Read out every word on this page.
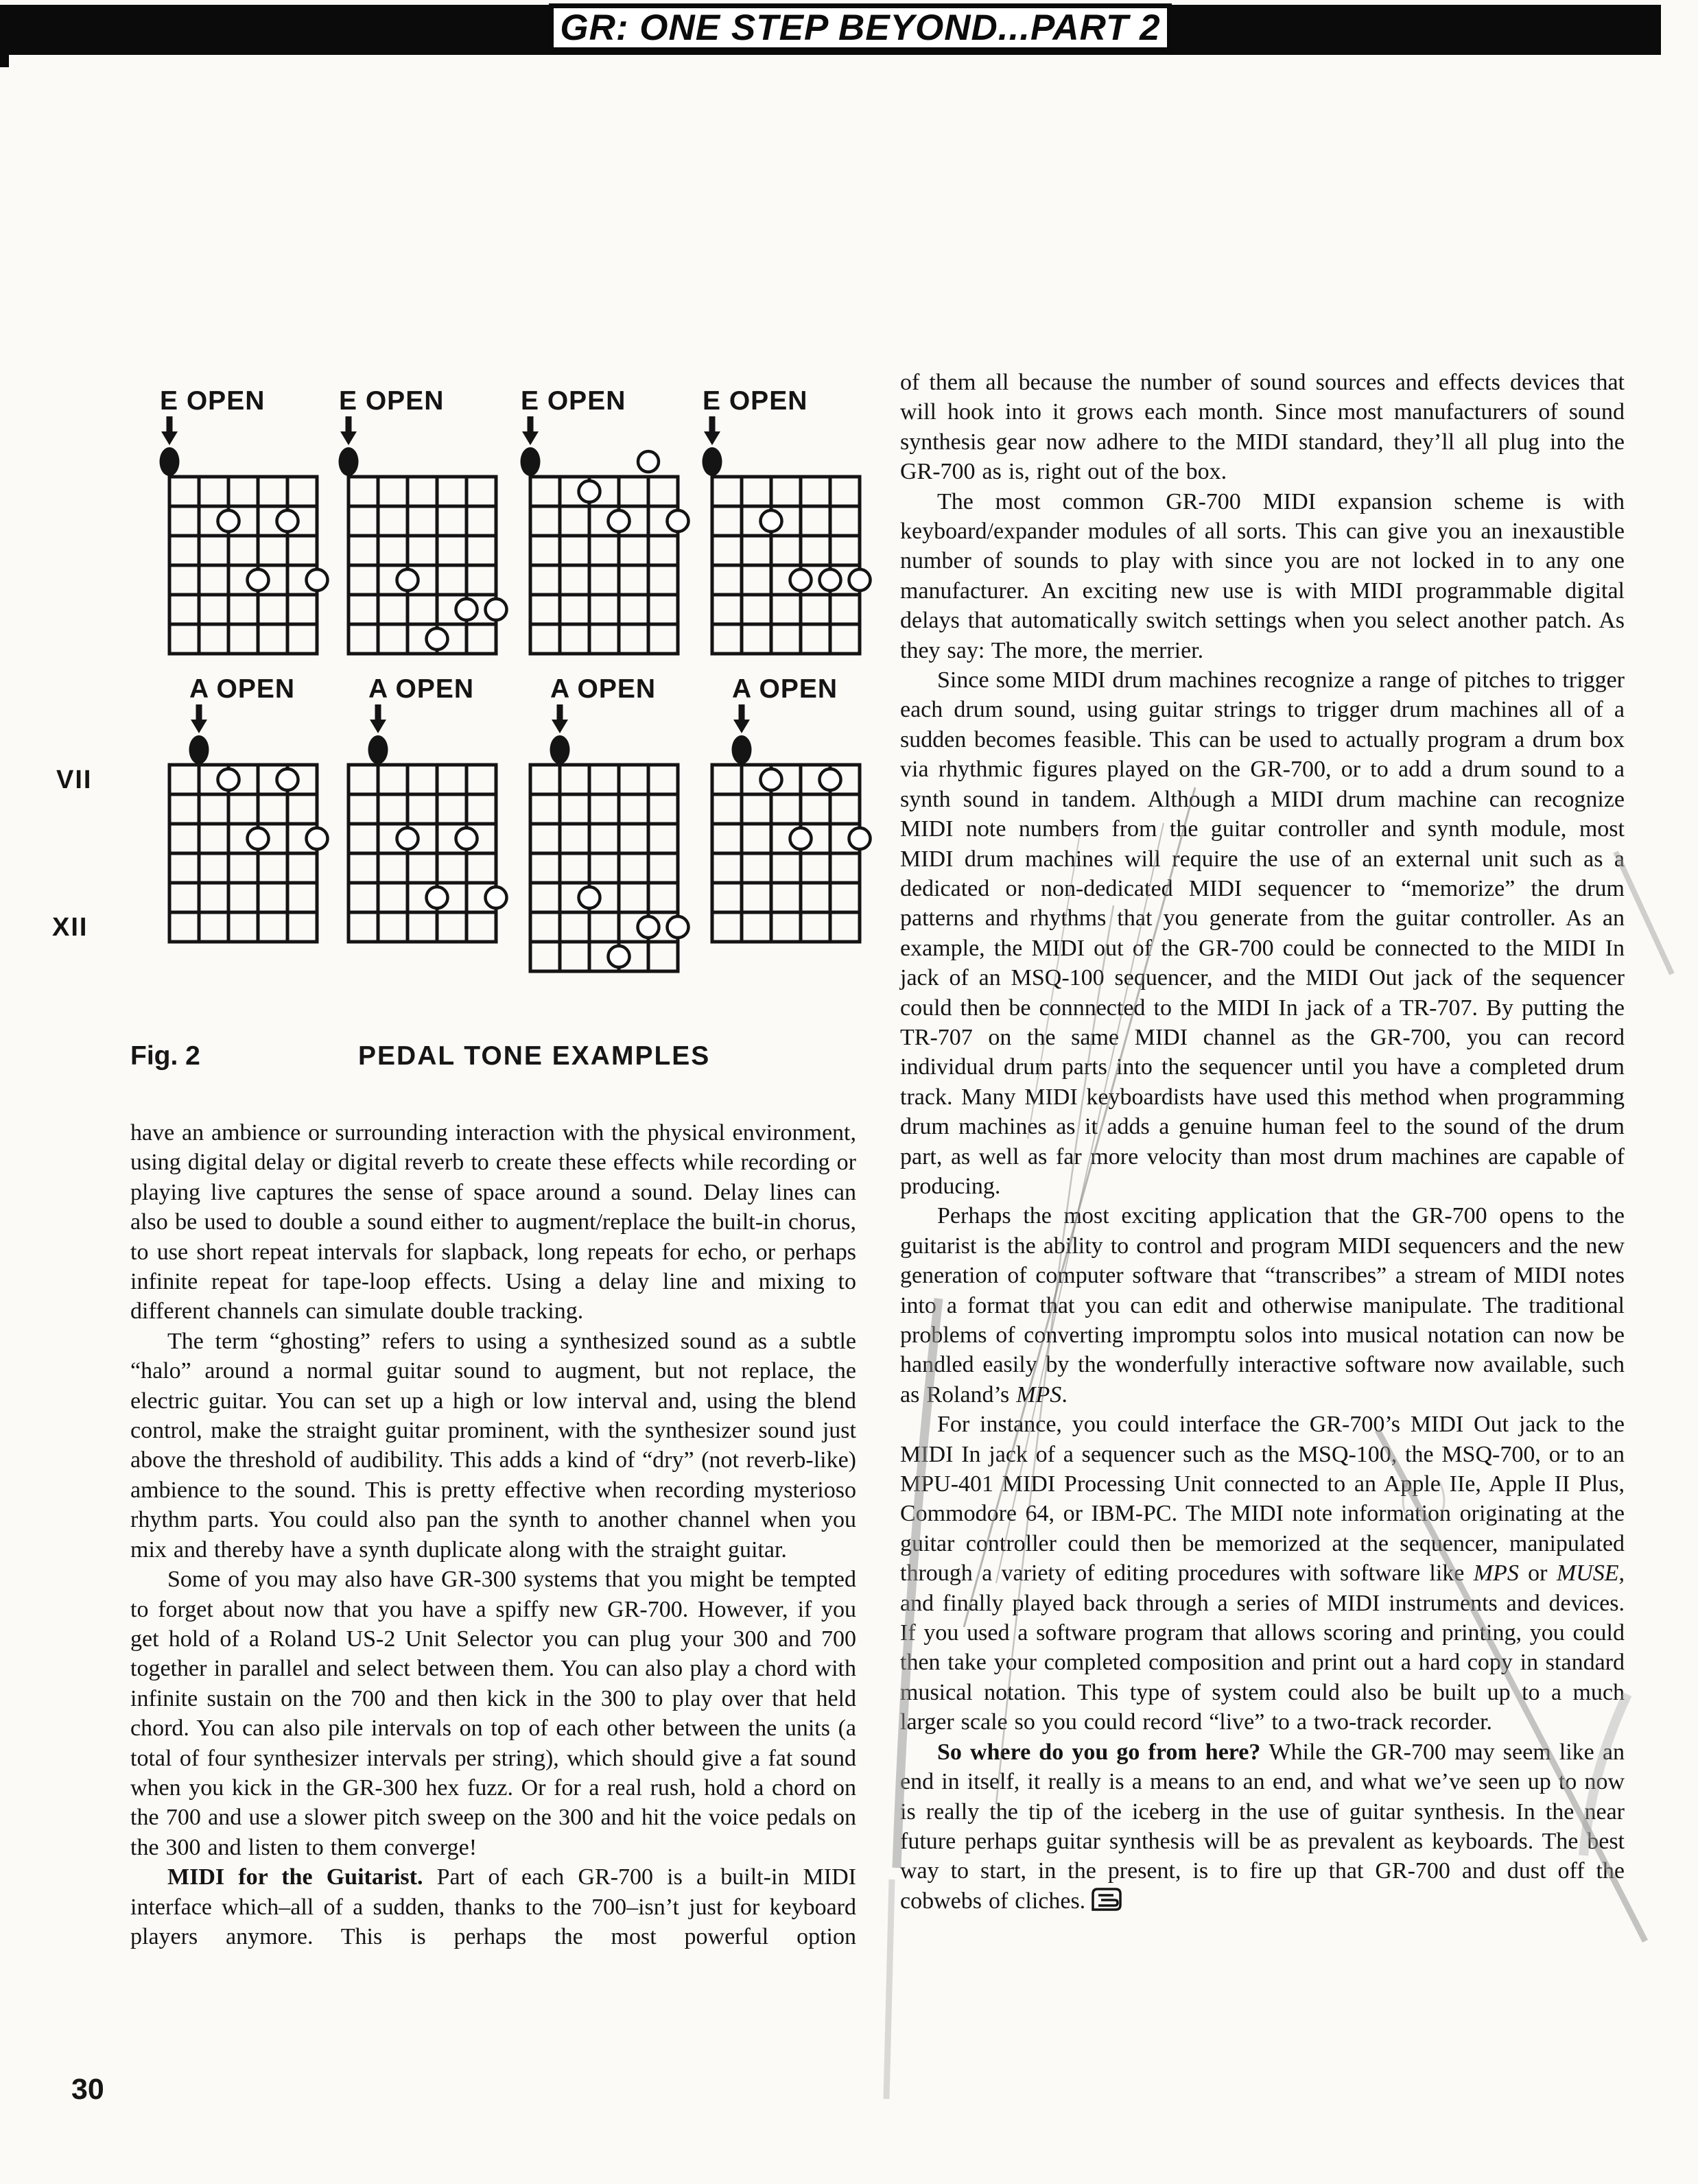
GR: ONE STEP BEYOND...PART 2
E OPEN	E OPEN	E OPEN	E OPEN
A OPEN	A OPEN	A OPEN	A OPEN
VII
XII
Fig. 2	PEDAL TONE EXAMPLES

have an ambience or surrounding interaction with the physical environment, using digital delay or digital reverb to create these effects while recording or playing live captures the sense of space around a sound. Delay lines can also be used to double a sound either to augment/replace the built-in chorus, to use short repeat intervals for slapback, long repeats for echo, or perhaps infinite repeat for tape-loop effects. Using a delay line and mixing to different channels can simulate double tracking.

The term “ghosting” refers to using a synthesized sound as a subtle “halo” around a normal guitar sound to augment, but not replace, the electric guitar. You can set up a high or low interval and, using the blend control, make the straight guitar prominent, with the synthesizer sound just above the threshold of audibility. This adds a kind of “dry” (not reverb-like) ambience to the sound. This is pretty effective when recording mysterioso rhythm parts. You could also pan the synth to another channel when you mix and thereby have a synth duplicate along with the straight guitar.

Some of you may also have GR-300 systems that you might be tempted to forget about now that you have a spiffy new GR-700. However, if you get hold of a Roland US-2 Unit Selector you can plug your 300 and 700 together in parallel and select between them. You can also play a chord with infinite sustain on the 700 and then kick in the 300 to play over that held chord. You can also pile intervals on top of each other between the units (a total of four synthesizer intervals per string), which should give a fat sound when you kick in the GR-300 hex fuzz. Or for a real rush, hold a chord on the 700 and use a slower pitch sweep on the 300 and hit the voice pedals on the 300 and listen to them converge!

MIDI for the Guitarist. Part of each GR-700 is a built-in MIDI interface which–all of a sudden, thanks to the 700–isn’t just for keyboard players anymore. This is perhaps the most powerful option

of them all because the number of sound sources and effects devices that will hook into it grows each month. Since most manufacturers of sound synthesis gear now adhere to the MIDI standard, they’ll all plug into the GR-700 as is, right out of the box.

The most common GR-700 MIDI expansion scheme is with keyboard/expander modules of all sorts. This can give you an inexaustible number of sounds to play with since you are not locked in to any one manufacturer. An exciting new use is with MIDI programmable digital delays that automatically switch settings when you select another patch. As they say: The more, the merrier.

Since some MIDI drum machines recognize a range of pitches to trigger each drum sound, using guitar strings to trigger drum machines all of a sudden becomes feasible. This can be used to actually program a drum box via rhythmic figures played on the GR-700, or to add a drum sound to a synth sound in tandem. Although a MIDI drum machine can recognize MIDI note numbers from the guitar controller and synth module, most MIDI drum machines will require the use of an external unit such as a dedicated or non-dedicated MIDI sequencer to “memorize” the drum patterns and rhythms that you generate from the guitar controller. As an example, the MIDI out of the GR-700 could be connected to the MIDI In jack of an MSQ-100 sequencer, and the MIDI Out jack of the sequencer could then be connnected to the MIDI In jack of a TR-707. By putting the TR-707 on the same MIDI channel as the GR-700, you can record individual drum parts into the sequencer until you have a completed drum track. Many MIDI keyboardists have used this method when programming drum machines as it adds a genuine human feel to the sound of the drum part, as well as far more velocity than most drum machines are capable of producing.

Perhaps the most exciting application that the GR-700 opens to the guitarist is the ability to control and program MIDI sequencers and the new generation of computer software that “transcribes” a stream of MIDI notes into a format that you can edit and otherwise manipulate. The traditional problems of converting impromptu solos into musical notation can now be handled easily by the wonderfully interactive software now available, such as Roland’s MPS.

For instance, you could interface the GR-700’s MIDI Out jack to the MIDI In jack of a sequencer such as the MSQ-100, the MSQ-700, or to an MPU-401 MIDI Processing Unit connected to an Apple IIe, Apple II Plus, Commodore 64, or IBM-PC. The MIDI note information originating at the guitar controller could then be memorized at the sequencer, manipulated through a variety of editing procedures with software like MPS or MUSE, and finally played back through a series of MIDI instruments and devices. If you used a software program that allows scoring and printing, you could then take your completed composition and print out a hard copy in standard musical notation. This type of system could also be built up to a much larger scale so you could record “live” to a two-track recorder.

So where do you go from here? While the GR-700 may seem like an end in itself, it really is a means to an end, and what we’ve seen up to now is really the tip of the iceberg in the use of guitar synthesis. In the near future perhaps guitar synthesis will be as prevalent as keyboards. The best way to start, in the present, is to fire up that GR-700 and dust off the cobwebs of cliches.

30
